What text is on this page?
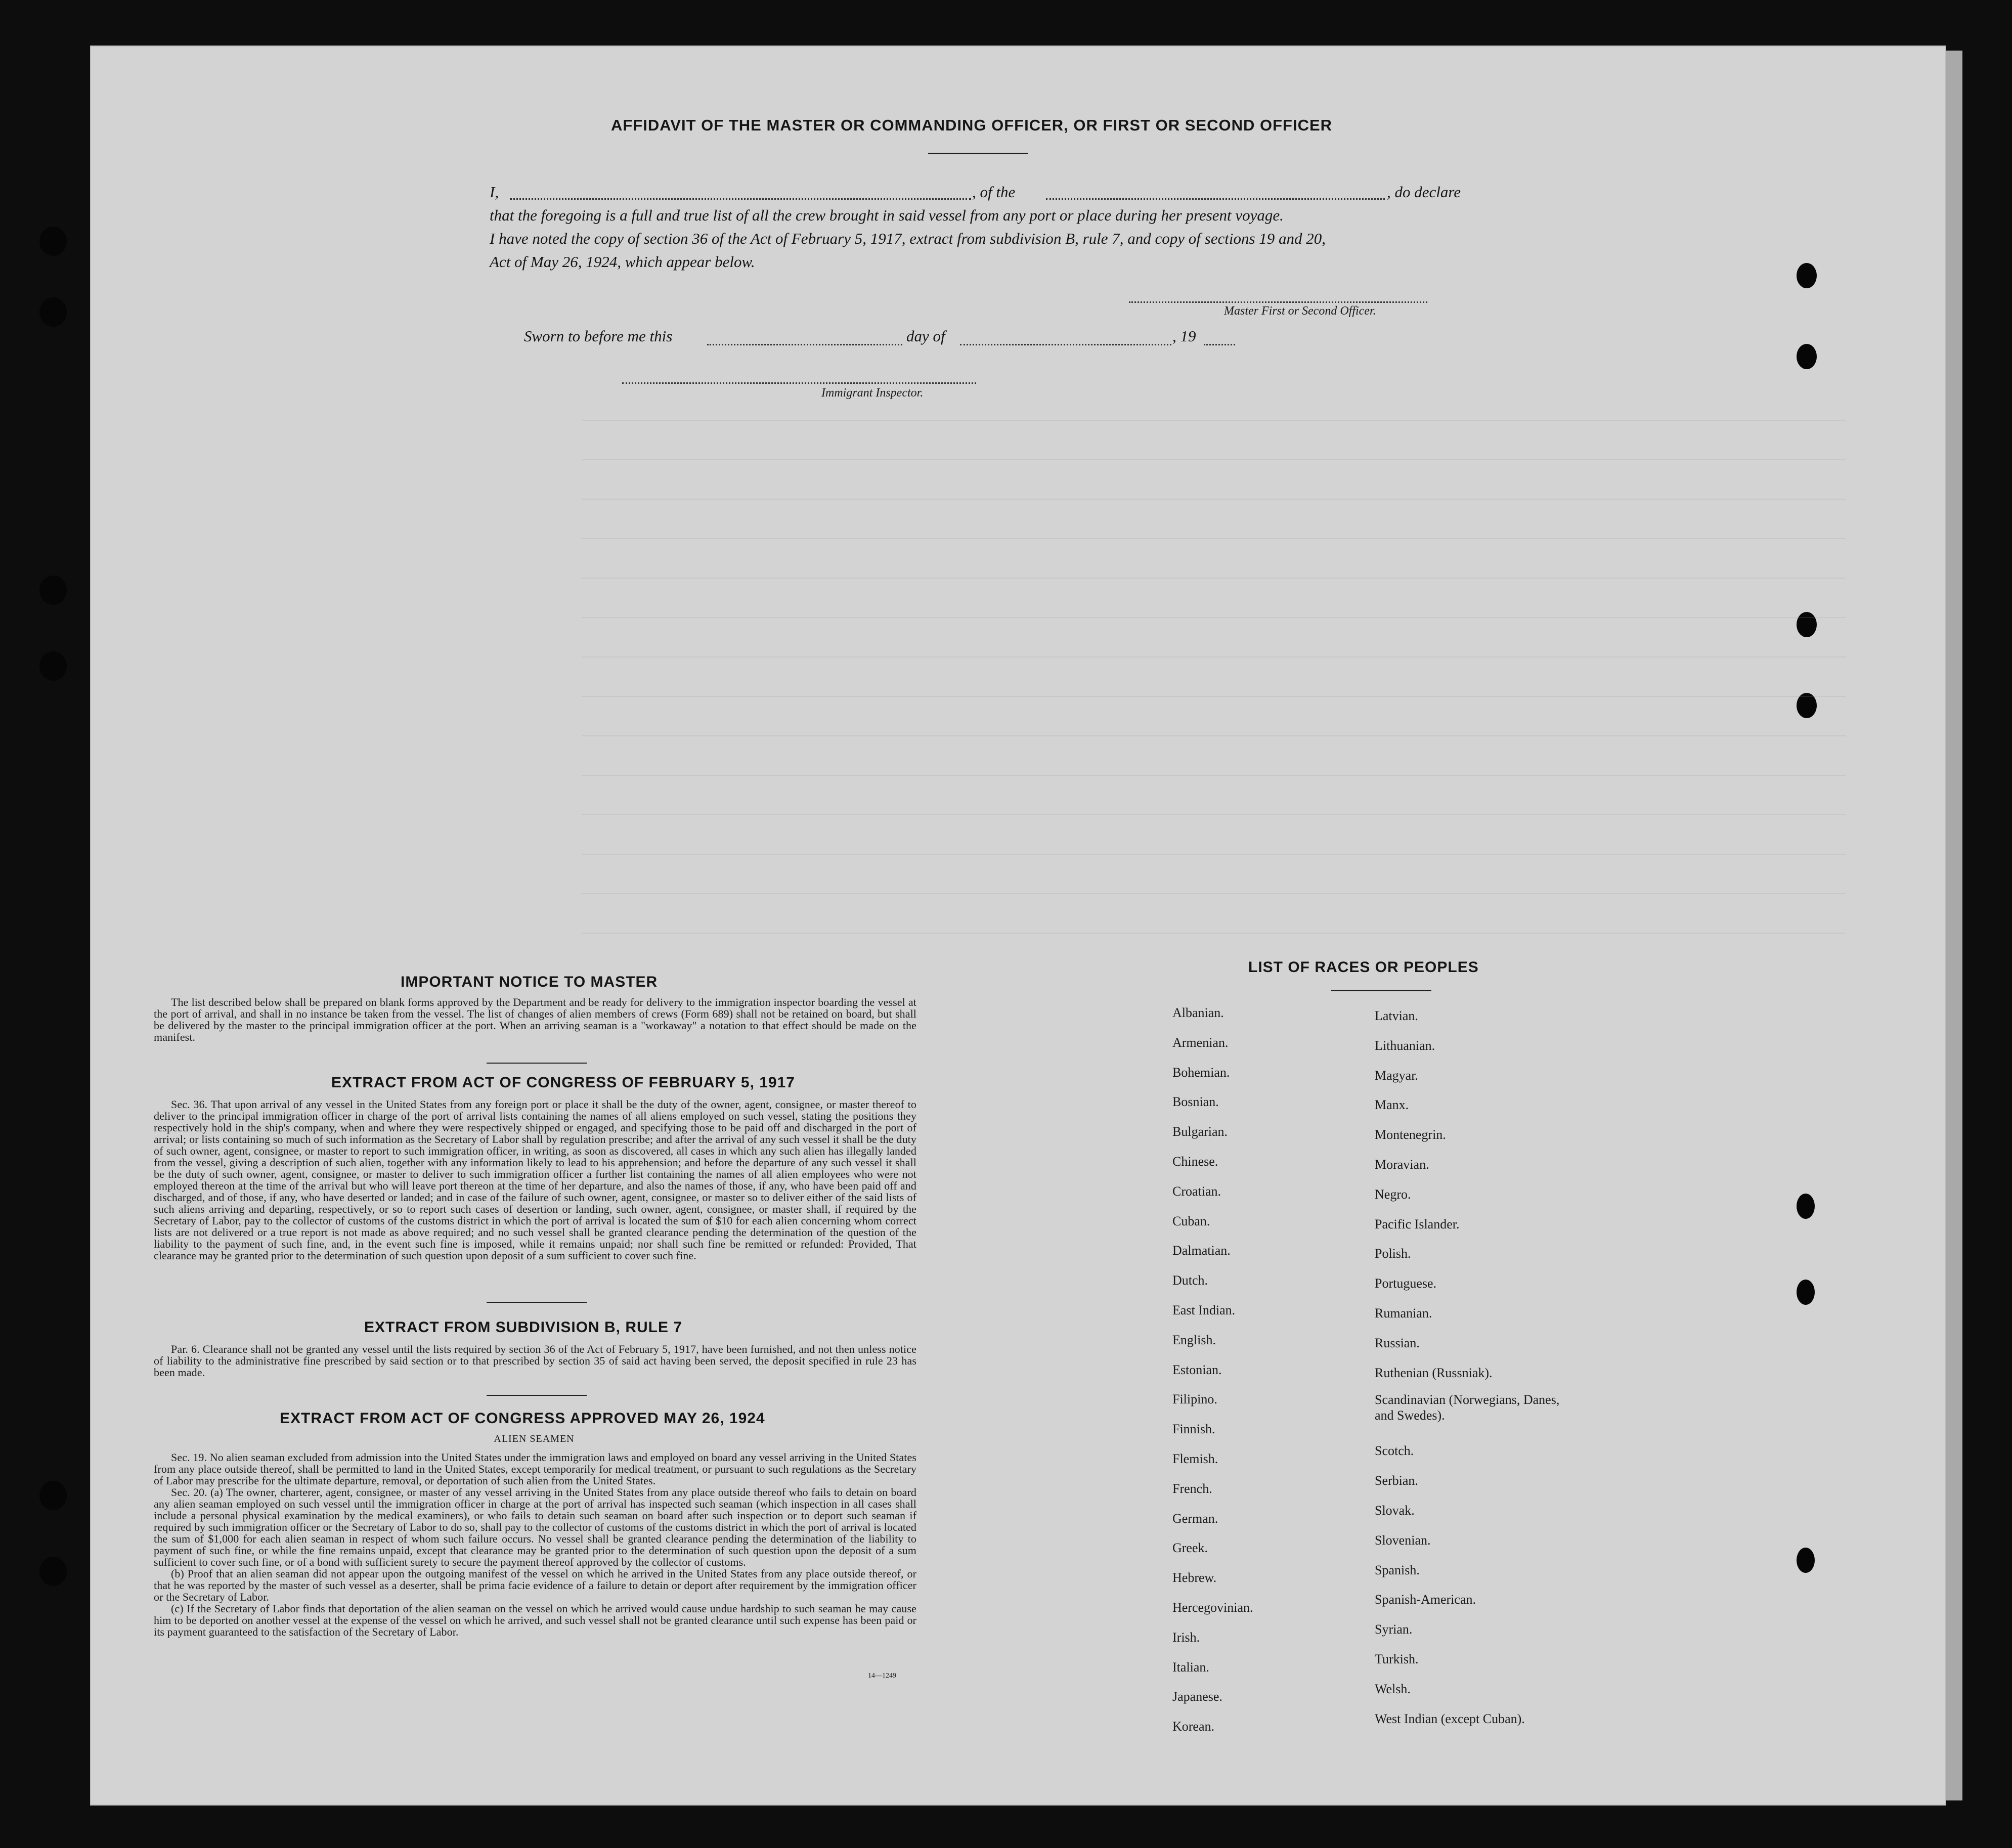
AFFIDAVIT OF THE MASTER OR COMMANDING OFFICER, OR FIRST OR SECOND OFFICER
I,	, of the	, do declare
that the foregoing is a full and true list of all the crew brought in said vessel from any port or place during her present voyage.
I have noted the copy of section 36 of the Act of February 5, 1917, extract from subdivision B, rule 7, and copy of sections 19 and 20,
Act of May 26, 1924, which appear below.
Master First or Second Officer.
Sworn to before me this	day of	, 19
Immigrant Inspector.
IMPORTANT NOTICE TO MASTER

The list described below shall be prepared on blank forms approved by the Department and be ready for delivery to the immigration inspector boarding the vessel at the port of arrival, and shall in no instance be taken from the vessel. The list of changes of alien members of crews (Form 689) shall not be retained on board, but shall be delivered by the master to the principal immigration officer at the port. When an arriving seaman is a "workaway" a notation to that effect should be made on the manifest.

EXTRACT FROM ACT OF CONGRESS OF FEBRUARY 5, 1917

Sec. 36. That upon arrival of any vessel in the United States from any foreign port or place it shall be the duty of the owner, agent, consignee, or master thereof to deliver to the principal immigration officer in charge of the port of arrival lists containing the names of all aliens employed on such vessel, stating the positions they respectively hold in the ship's company, when and where they were respectively shipped or engaged, and specifying those to be paid off and discharged in the port of arrival; or lists containing so much of such information as the Secretary of Labor shall by regulation prescribe; and after the arrival of any such vessel it shall be the duty of such owner, agent, consignee, or master to report to such immigration officer, in writing, as soon as discovered, all cases in which any such alien has illegally landed from the vessel, giving a description of such alien, together with any information likely to lead to his apprehension; and before the departure of any such vessel it shall be the duty of such owner, agent, consignee, or master to deliver to such immigration officer a further list containing the names of all alien employees who were not employed thereon at the time of the arrival but who will leave port thereon at the time of her departure, and also the names of those, if any, who have been paid off and discharged, and of those, if any, who have deserted or landed; and in case of the failure of such owner, agent, consignee, or master so to deliver either of the said lists of such aliens arriving and departing, respectively, or so to report such cases of desertion or landing, such owner, agent, consignee, or master shall, if required by the Secretary of Labor, pay to the collector of customs of the customs district in which the port of arrival is located the sum of $10 for each alien concerning whom correct lists are not delivered or a true report is not made as above required; and no such vessel shall be granted clearance pending the determination of the question of the liability to the payment of such fine, and, in the event such fine is imposed, while it remains unpaid; nor shall such fine be remitted or refunded: Provided, That clearance may be granted prior to the determination of such question upon deposit of a sum sufficient to cover such fine.

EXTRACT FROM SUBDIVISION B, RULE 7

Par. 6. Clearance shall not be granted any vessel until the lists required by section 36 of the Act of February 5, 1917, have been furnished, and not then unless notice of liability to the administrative fine prescribed by said section or to that prescribed by section 35 of said act having been served, the deposit specified in rule 23 has been made.

EXTRACT FROM ACT OF CONGRESS APPROVED MAY 26, 1924
ALIEN SEAMEN

Sec. 19. No alien seaman excluded from admission into the United States under the immigration laws and employed on board any vessel arriving in the United States from any place outside thereof, shall be permitted to land in the United States, except temporarily for medical treatment, or pursuant to such regulations as the Secretary of Labor may prescribe for the ultimate departure, removal, or deportation of such alien from the United States.

Sec. 20. (a) The owner, charterer, agent, consignee, or master of any vessel arriving in the United States from any place outside thereof who fails to detain on board any alien seaman employed on such vessel until the immigration officer in charge at the port of arrival has inspected such seaman (which inspection in all cases shall include a personal physical examination by the medical examiners), or who fails to detain such seaman on board after such inspection or to deport such seaman if required by such immigration officer or the Secretary of Labor to do so, shall pay to the collector of customs of the customs district in which the port of arrival is located the sum of $1,000 for each alien seaman in respect of whom such failure occurs. No vessel shall be granted clearance pending the determination of the liability to payment of such fine, or while the fine remains unpaid, except that clearance may be granted prior to the determination of such question upon the deposit of a sum sufficient to cover such fine, or of a bond with sufficient surety to secure the payment thereof approved by the collector of customs.

(b) Proof that an alien seaman did not appear upon the outgoing manifest of the vessel on which he arrived in the United States from any place outside thereof, or that he was reported by the master of such vessel as a deserter, shall be prima facie evidence of a failure to detain or deport after requirement by the immigration officer or the Secretary of Labor.

(c) If the Secretary of Labor finds that deportation of the alien seaman on the vessel on which he arrived would cause undue hardship to such seaman he may cause him to be deported on another vessel at the expense of the vessel on which he arrived, and such vessel shall not be granted clearance until such expense has been paid or its payment guaranteed to the satisfaction of the Secretary of Labor.

14—1249
LIST OF RACES OR PEOPLES
Albanian.
Armenian.
Bohemian.
Bosnian.
Bulgarian.
Chinese.
Croatian.
Cuban.
Dalmatian.
Dutch.
East Indian.
English.
Estonian.
Filipino.
Finnish.
Flemish.
French.
German.
Greek.
Hebrew.
Hercegovinian.
Irish.
Italian.
Japanese.
Korean.
Latvian.
Lithuanian.
Magyar.
Manx.
Montenegrin.
Moravian.
Negro.
Pacific Islander.
Polish.
Portuguese.
Rumanian.
Russian.
Ruthenian (Russniak).
Scandinavian (Norwegians, Danes, and Swedes).
Scotch.
Serbian.
Slovak.
Slovenian.
Spanish.
Spanish-American.
Syrian.
Turkish.
Welsh.
West Indian (except Cuban).
